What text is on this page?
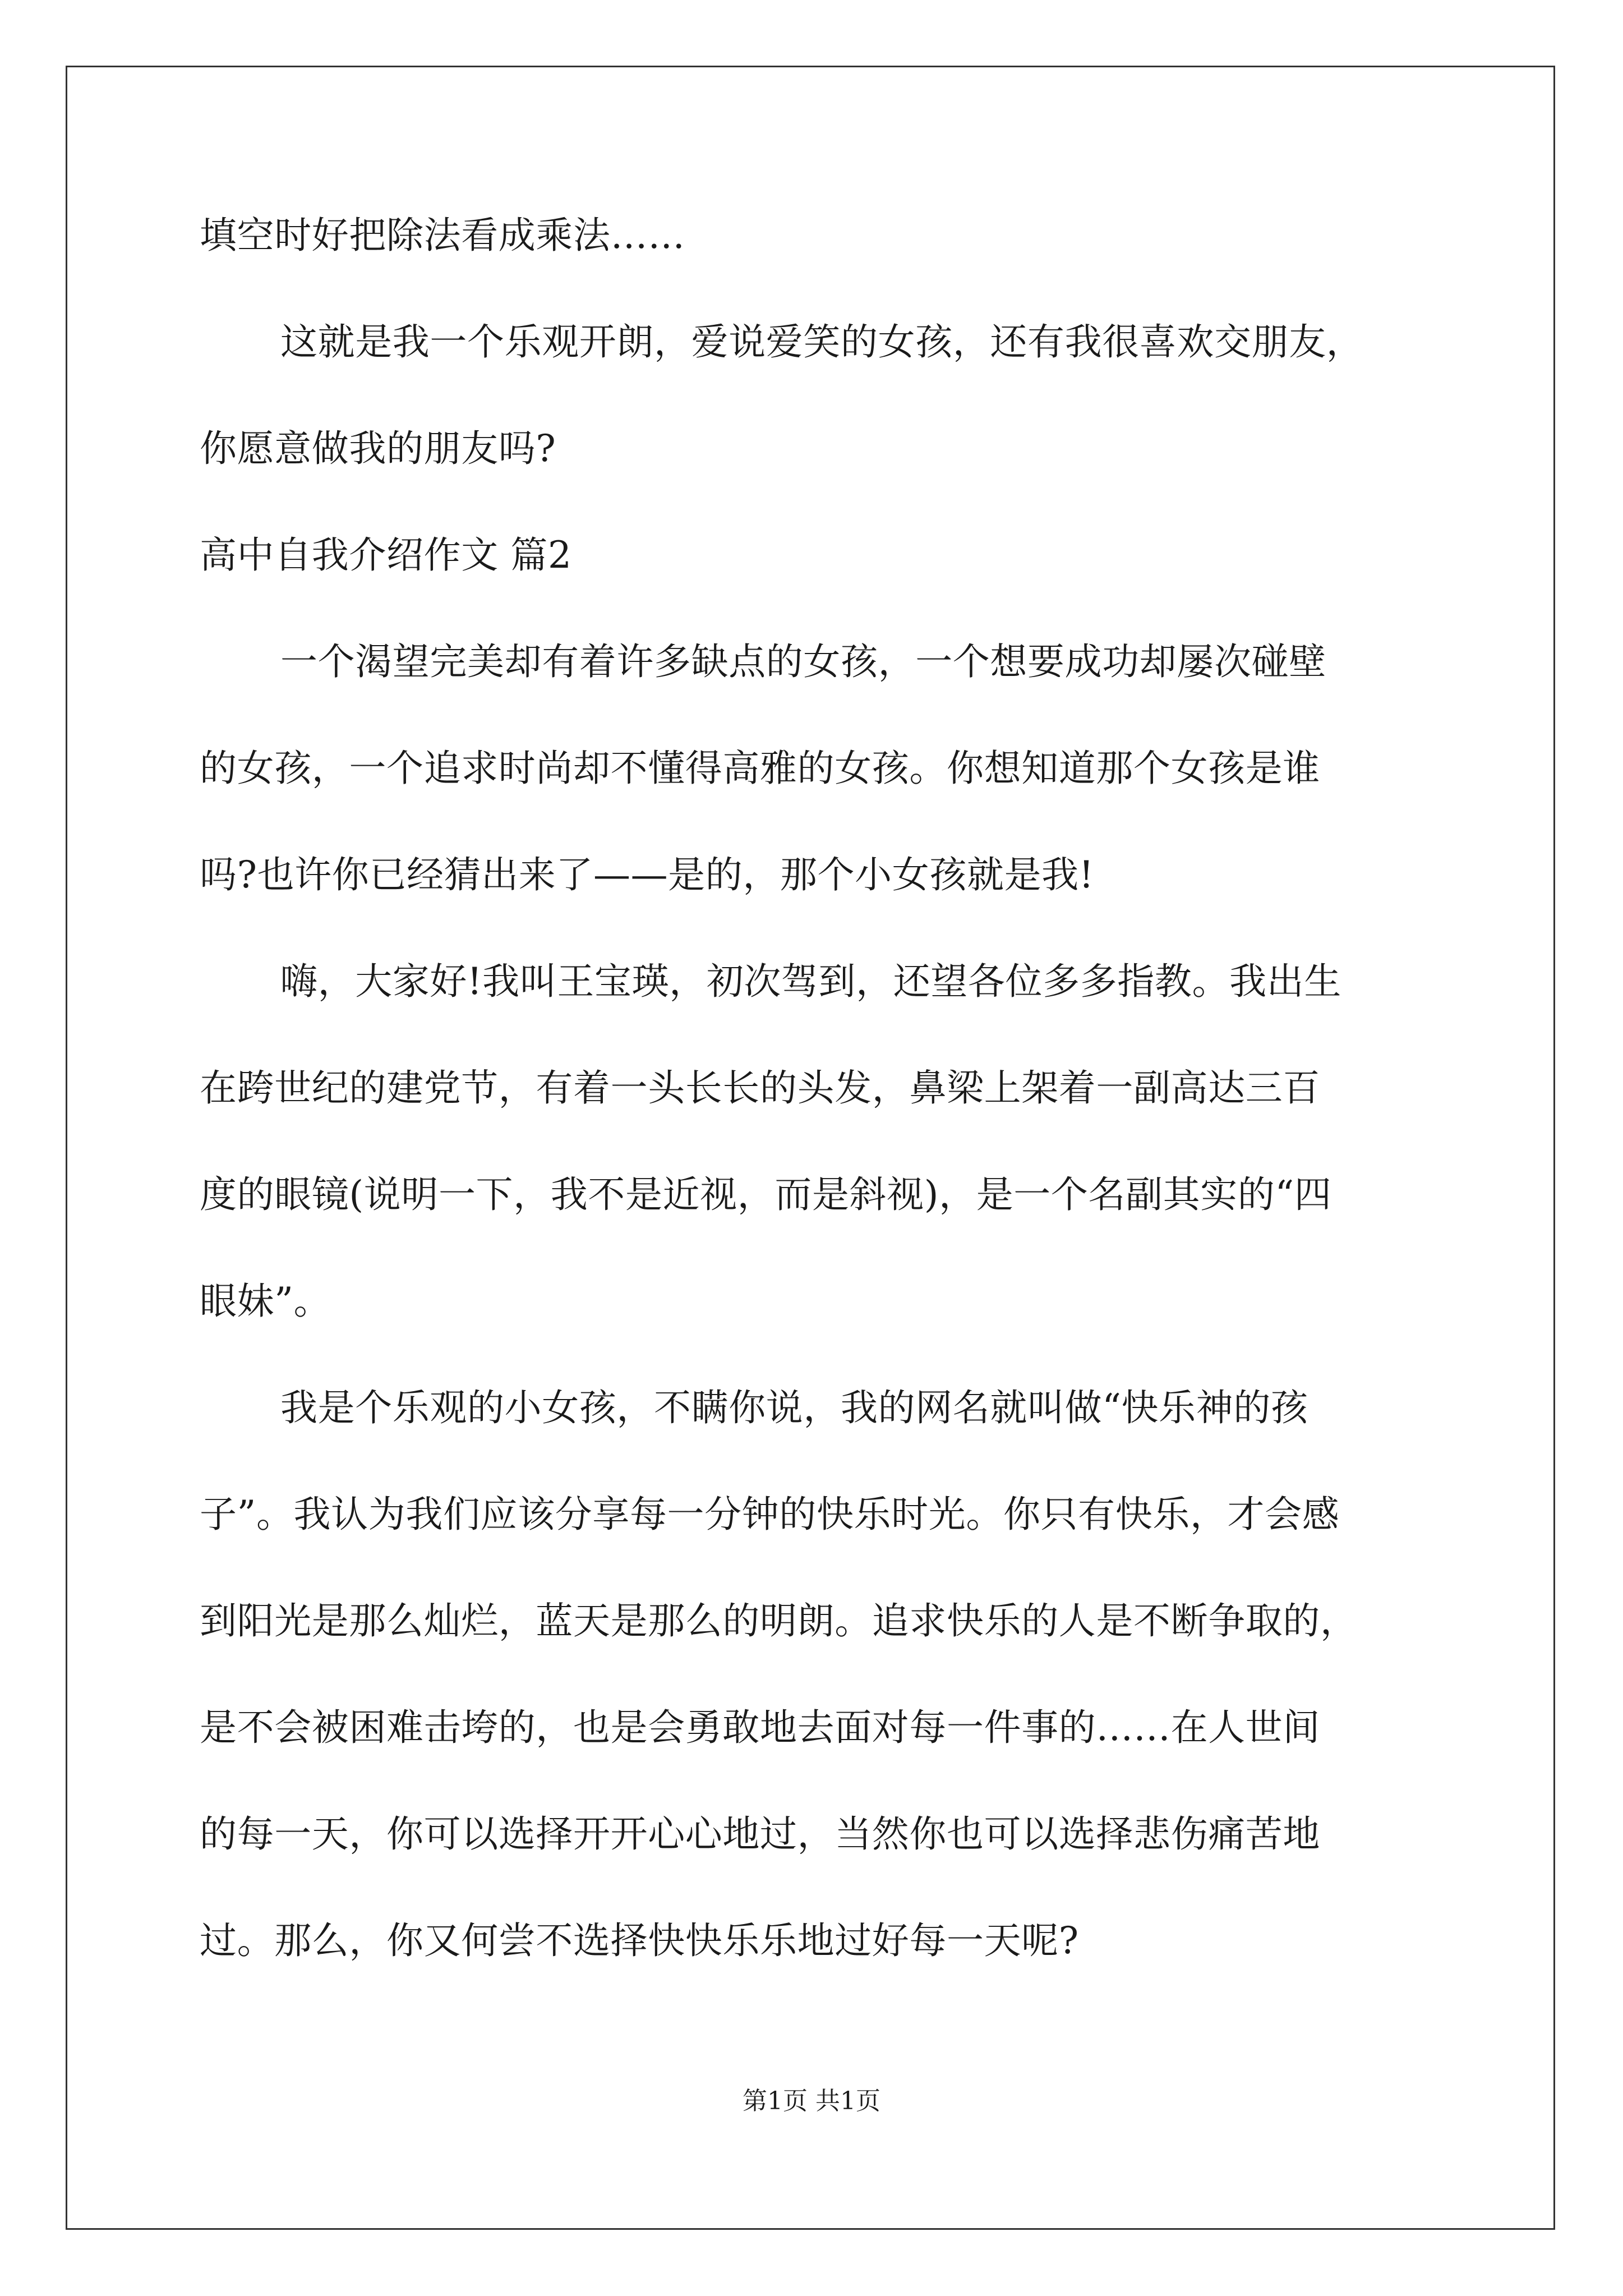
填空时好把除法看成乘法……
这就是我一个乐观开朗，爱说爱笑的女孩，还有我很喜欢交朋友，
你愿意做我的朋友吗?
高中自我介绍作文 篇2
一个渴望完美却有着许多缺点的女孩，一个想要成功却屡次碰壁
的女孩，一个追求时尚却不懂得高雅的女孩。你想知道那个女孩是谁
吗?也许你已经猜出来了——是的，那个小女孩就是我!
嗨，大家好!我叫王宝瑛，初次驾到，还望各位多多指教。我出生
在跨世纪的建党节，有着一头长长的头发，鼻梁上架着一副高达三百
度的眼镜(说明一下，我不是近视，而是斜视)，是一个名副其实的“四
眼妹”。
我是个乐观的小女孩，不瞒你说，我的网名就叫做“快乐神的孩
子”。我认为我们应该分享每一分钟的快乐时光。你只有快乐，才会感
到阳光是那么灿烂，蓝天是那么的明朗。追求快乐的人是不断争取的，
是不会被困难击垮的，也是会勇敢地去面对每一件事的……在人世间
的每一天，你可以选择开开心心地过，当然你也可以选择悲伤痛苦地
过。那么，你又何尝不选择快快乐乐地过好每一天呢?
第1页 共1页
